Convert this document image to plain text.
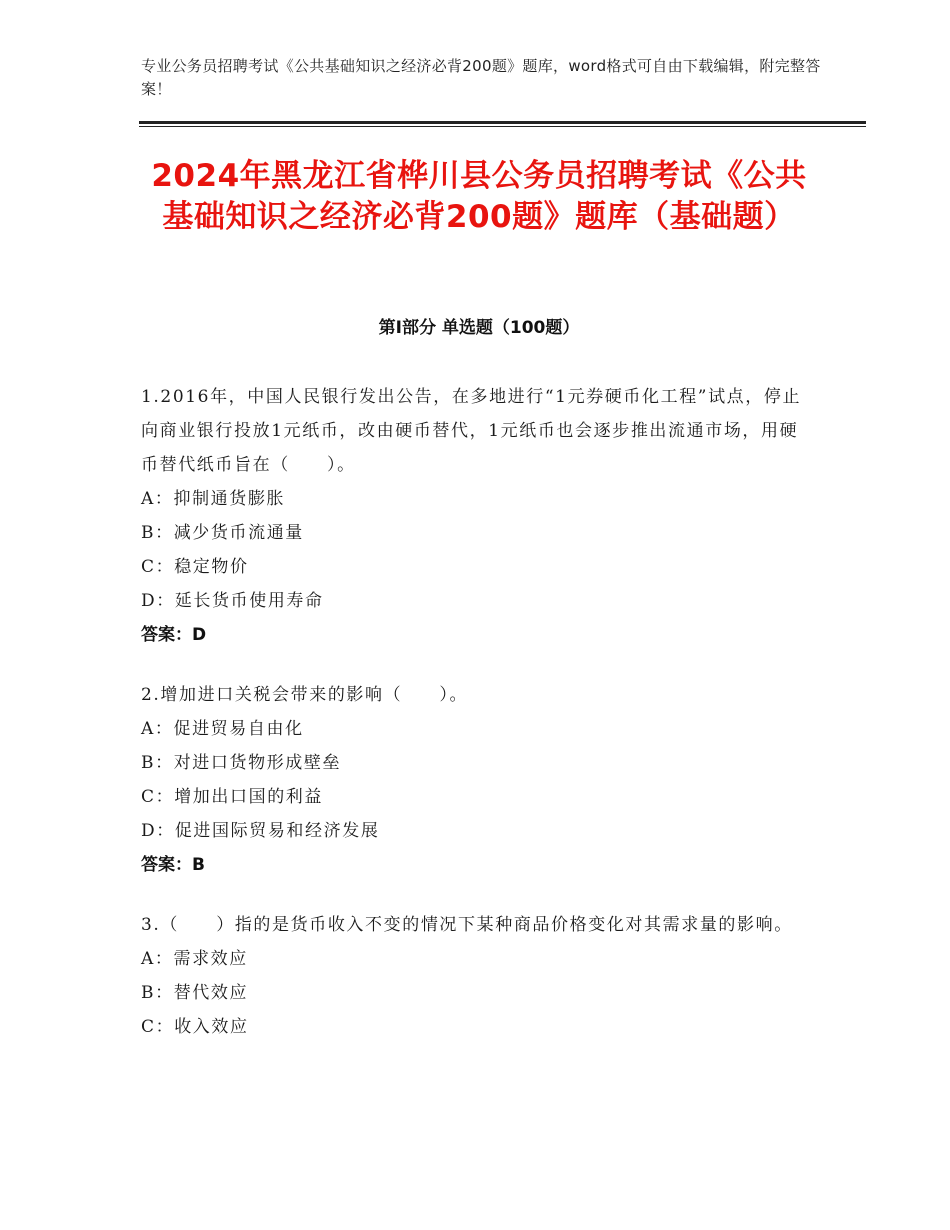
专业公务员招聘考试《公共基础知识之经济必背200题》题库，word格式可自由下载编辑，附完整答案！
2024年黑龙江省桦川县公务员招聘考试《公共基础知识之经济必背200题》题库（基础题）
第Ⅰ部分 单选题（100题）
1.2016年，中国人民银行发出公告，在多地进行“1元券硬币化工程”试点，停止向商业银行投放1元纸币，改由硬币替代，1元纸币也会逐步推出流通市场，用硬币替代纸币旨在（　　）。
A：抑制通货膨胀
B：减少货币流通量
C：稳定物价
D：延长货币使用寿命
答案：D
2.增加进口关税会带来的影响（　　）。
A：促进贸易自由化
B：对进口货物形成壁垒
C：增加出口国的利益
D：促进国际贸易和经济发展
答案：B
3.（　　）指的是货币收入不变的情况下某种商品价格变化对其需求量的影响。
A：需求效应
B：替代效应
C：收入效应
